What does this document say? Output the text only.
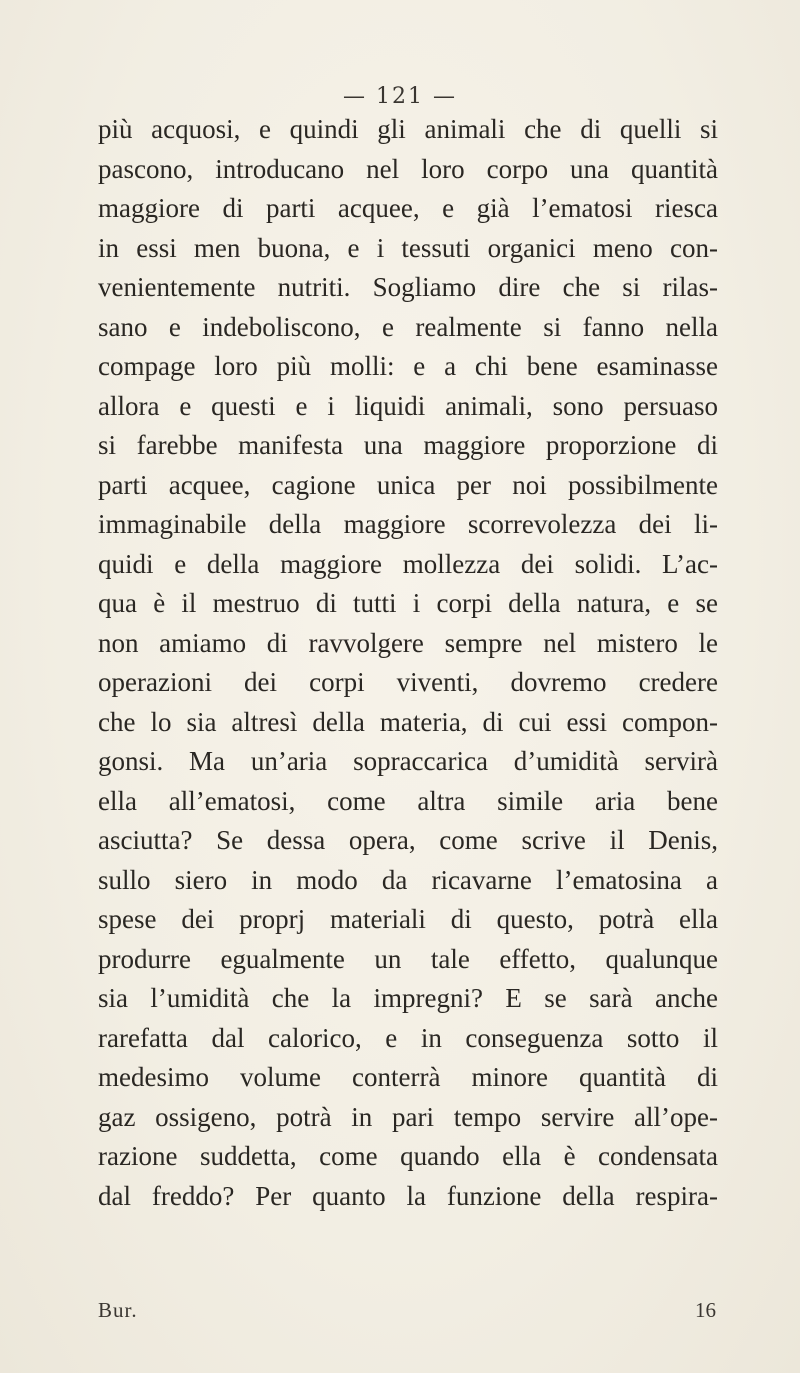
— 121 —
più acquosi, e quindi gli animali che di quelli si
pascono, introducano nel loro corpo una quantità
maggiore di parti acquee, e già l’ematosi riesca
in essi men buona, e i tessuti organici meno con-
venientemente nutriti. Sogliamo dire che si rilas-
sano e indeboliscono, e realmente si fanno nella
compage loro più molli: e a chi bene esaminasse
allora e questi e i liquidi animali, sono persuaso
si farebbe manifesta una maggiore proporzione di
parti acquee, cagione unica per noi possibilmente
immaginabile della maggiore scorrevolezza dei li-
quidi e della maggiore mollezza dei solidi. L’ac-
qua è il mestruo di tutti i corpi della natura, e se
non amiamo di ravvolgere sempre nel mistero le
operazioni dei corpi viventi, dovremo credere
che lo sia altresì della materia, di cui essi compon-
gonsi. Ma un’aria sopraccarica d’umidità servirà
ella all’ematosi, come altra simile aria bene
asciutta? Se dessa opera, come scrive il Denis,
sullo siero in modo da ricavarne l’ematosina a
spese dei proprj materiali di questo, potrà ella
produrre egualmente un tale effetto, qualunque
sia l’umidità che la impregni? E se sarà anche
rarefatta dal calorico, e in conseguenza sotto il
medesimo volume conterrà minore quantità di
gaz ossigeno, potrà in pari tempo servire all’ope-
razione suddetta, come quando ella è condensata
dal freddo? Per quanto la funzione della respira-
Bur.	16
